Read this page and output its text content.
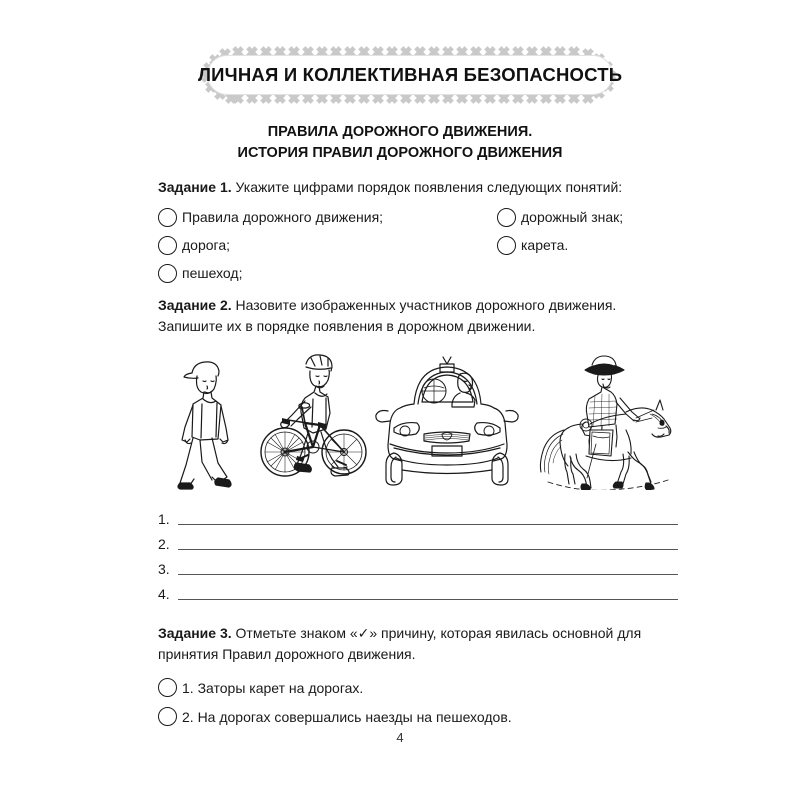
ЛИЧНАЯ И КОЛЛЕКТИВНАЯ БЕЗОПАСНОСТЬ
ПРАВИЛА ДОРОЖНОГО ДВИЖЕНИЯ.
ИСТОРИЯ ПРАВИЛ ДОРОЖНОГО ДВИЖЕНИЯ
Задание 1. Укажите цифрами порядок появления следующих понятий:
Правила дорожного движения;
дорога;
пешеход;
дорожный знак;
карета.
Задание 2. Назовите изображенных участников дорожного движения.
Запишите их в порядке появления в дорожном движении.
1.
2.
3.
4.
Задание 3. Отметьте знаком «✓» причину, которая явилась основной для
принятия Правил дорожного движения.
1. Заторы карет на дорогах.
2. На дорогах совершались наезды на пешеходов.
4
